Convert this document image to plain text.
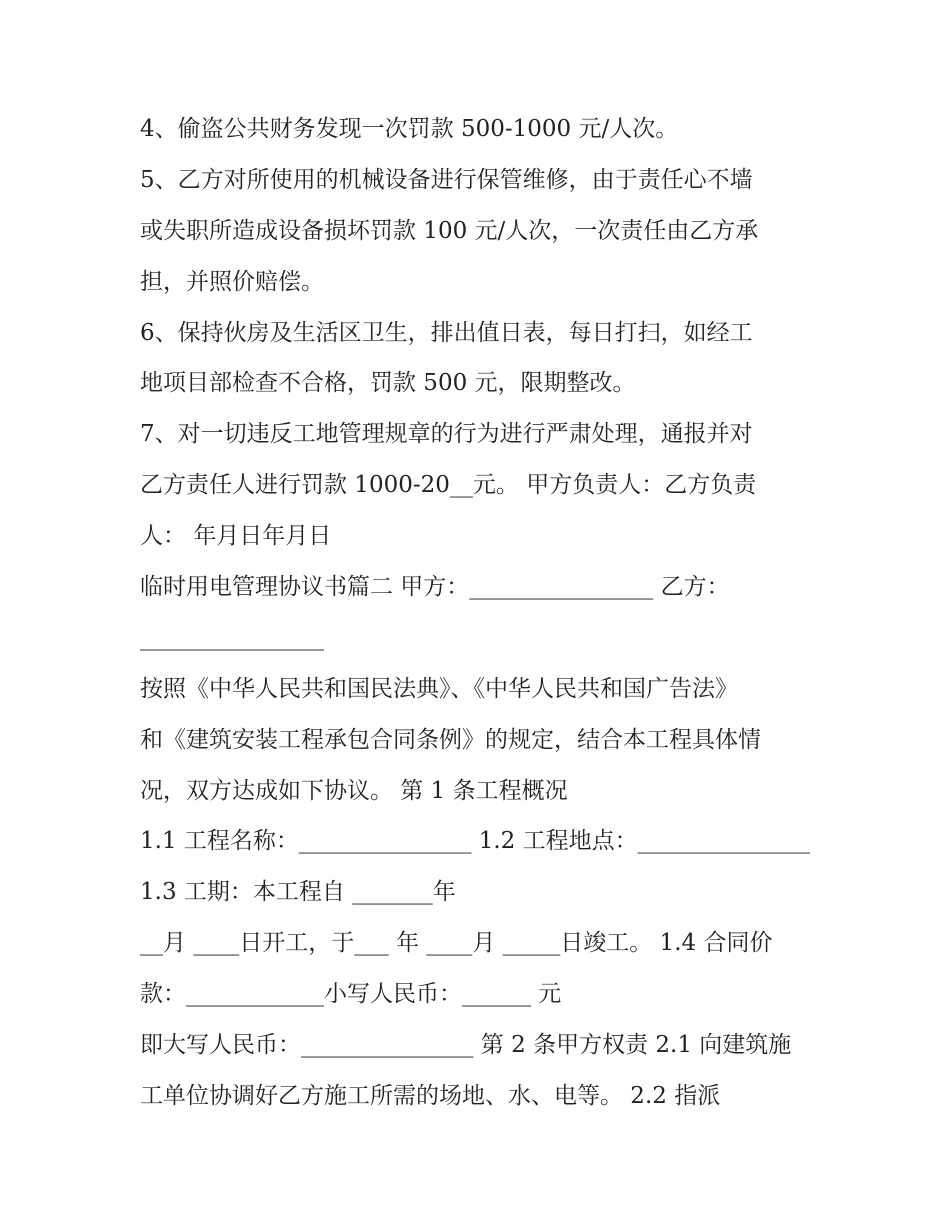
4、偷盗公共财务发现一次罚款 500-1000 元/人次。
5、乙方对所使用的机械设备进行保管维修，由于责任心不墙
或失职所造成设备损坏罚款 100 元/人次，一次责任由乙方承
担，并照价赔偿。
6、保持伙房及生活区卫生，排出值日表，每日打扫，如经工
地项目部检查不合格，罚款 500 元，限期整改。
7、对一切违反工地管理规章的行为进行严肃处理，通报并对
乙方责任人进行罚款 1000-20__元。 甲方负责人：乙方负责
人： 年月日年月日
临时用电管理协议书篇二 甲方：________________ 乙方：
________________
按照《中华人民共和国民法典》、《中华人民共和国广告法》
和《建筑安装工程承包合同条例》的规定，结合本工程具体情
况，双方达成如下协议。 第 1 条工程概况
1.1 工程名称：_______________ 1.2 工程地点：_______________
1.3 工期：本工程自 _______年
__月 ____日开工，于___ 年 ____月 _____日竣工。 1.4 合同价
款：____________小写人民币：______ 元
即大写人民币：_______________ 第 2 条甲方权责 2.1 向建筑施
工单位协调好乙方施工所需的场地、水、电等。 2.2 指派
